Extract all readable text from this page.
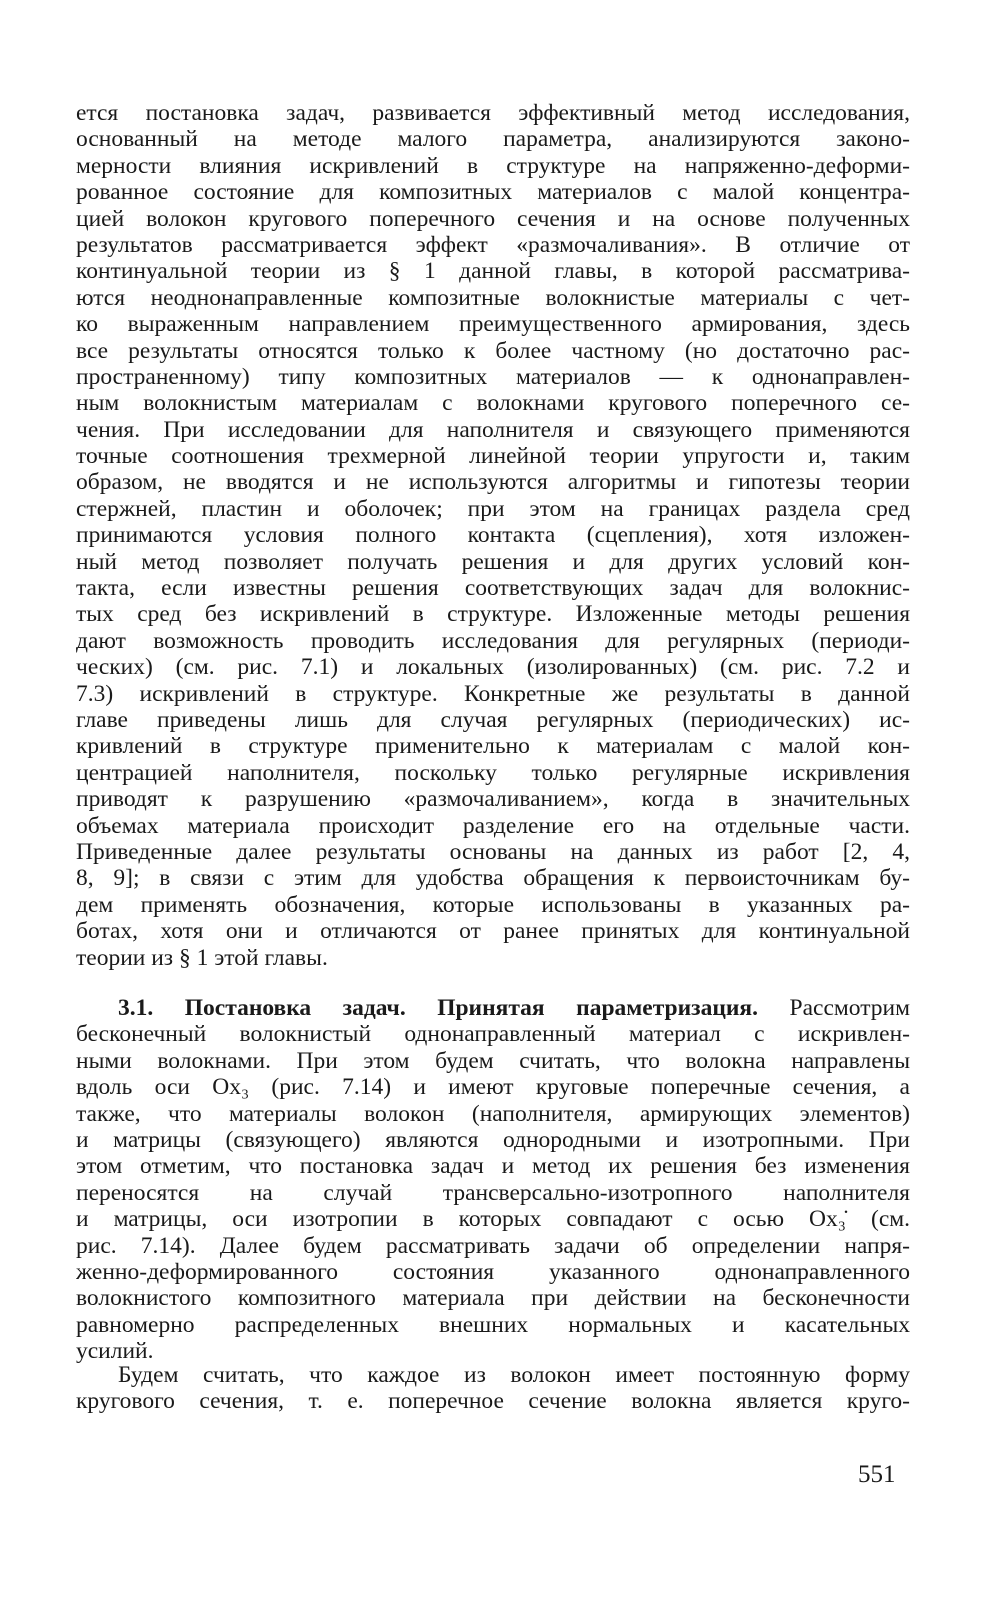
ется постановка задач, развивается эффективный метод исследования,
основанный на методе малого параметра, анализируются законо-
мерности влияния искривлений в структуре на напряженно-деформи-
рованное состояние для композитных материалов с малой концентра-
цией волокон кругового поперечного сечения и на основе полученных
результатов рассматривается эффект «размочаливания». В отличие от
континуальной теории из § 1 данной главы, в которой рассматрива-
ются неоднонаправленные композитные волокнистые материалы с чет-
ко выраженным направлением преимущественного армирования, здесь
все результаты относятся только к более частному (но достаточно рас-
пространенному) типу композитных материалов — к однонаправлен-
ным волокнистым материалам с волокнами кругового поперечного се-
чения. При исследовании для наполнителя и связующего применяются
точные соотношения трехмерной линейной теории упругости и, таким
образом, не вводятся и не используются алгоритмы и гипотезы теории
стержней, пластин и оболочек; при этом на границах раздела сред
принимаются условия полного контакта (сцепления), хотя изложен-
ный метод позволяет получать решения и для других условий кон-
такта, если известны решения соответствующих задач для волокнис-
тых сред без искривлений в структуре. Изложенные методы решения
дают возможность проводить исследования для регулярных (периоди-
ческих) (см. рис. 7.1) и локальных (изолированных) (см. рис. 7.2 и
7.3) искривлений в структуре. Конкретные же результаты в данной
главе приведены лишь для случая регулярных (периодических) ис-
кривлений в структуре применительно к материалам с малой кон-
центрацией наполнителя, поскольку только регулярные искривления
приводят к разрушению «размочаливанием», когда в значительных
объемах материала происходит разделение его на отдельные части.
Приведенные далее результаты основаны на данных из работ [2, 4,
8, 9]; в связи с этим для удобства обращения к первоисточникам бу-
дем применять обозначения, которые использованы в указанных ра-
ботах, хотя они и отличаются от ранее принятых для континуальной
теории из § 1 этой главы.
3.1. Постановка задач. Принятая параметризация. Рассмотрим
бесконечный волокнистый однонаправленный материал с искривлен-
ными волокнами. При этом будем считать, что волокна направлены
вдоль оси Ox₃ (рис. 7.14) и имеют круговые поперечные сечения, а
также, что материалы волокон (наполнителя, армирующих элементов)
и матрицы (связующего) являются однородными и изотропными. При
этом отметим, что постановка задач и метод их решения без изменения
переносятся на случай трансверсально-изотропного наполнителя
и матрицы, оси изотропии в которых совпадают с осью Ox₃̇ (см.
рис. 7.14). Далее будем рассматривать задачи об определении напря-
женно-деформированного состояния указанного однонаправленного
волокнистого композитного материала при действии на бесконечности
равномерно распределенных внешних нормальных и касательных
усилий.
Будем считать, что каждое из волокон имеет постоянную форму
кругового сечения, т. е. поперечное сечение волокна является круго-
551
